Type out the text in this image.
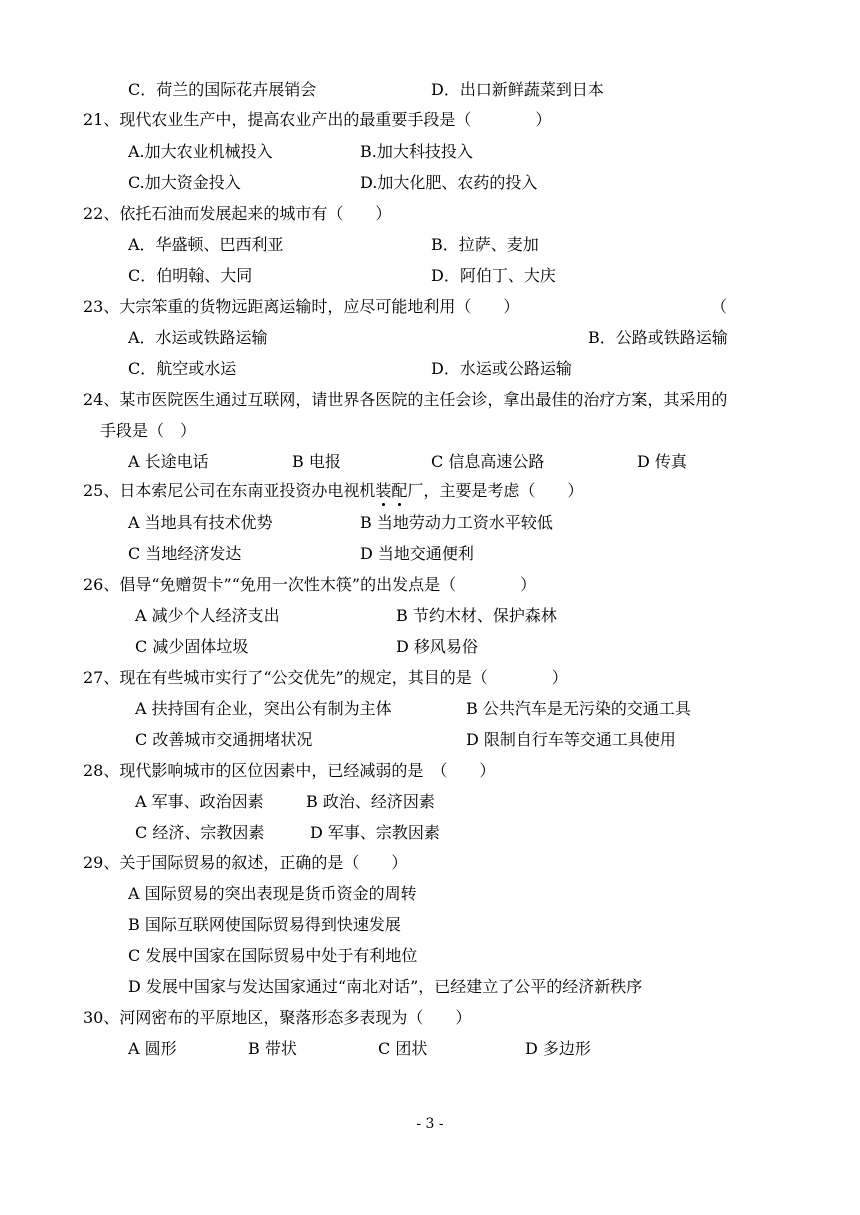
C．荷兰的国际花卉展销会	D．出口新鲜蔬菜到日本
21、现代农业生产中，提高农业产出的最重要手段是（　　　　）
A.加大农业机械投入	B.加大科技投入
C.加大资金投入	D.加大化肥、农药的投入
22、依托石油而发展起来的城市有（　　）
A．华盛顿、巴西利亚	B．拉萨、麦加
C．伯明翰、大同	D．阿伯丁、大庆
23、大宗笨重的货物远距离运输时，应尽可能地利用（　　）	（
A．水运或铁路运输	B．公路或铁路运输
C．航空或水运	D．水运或公路运输
24、某市医院医生通过互联网，请世界各医院的主任会诊，拿出最佳的治疗方案，其采用的
手段是（　）
A 长途电话	B 电报	C 信息高速公路	D 传真
25、日本索尼公司在东南亚投资办电视机装配厂，主要是考虑（　　）
A 当地具有技术优势	B 当地劳动力工资水平较低
C 当地经济发达	D 当地交通便利
26、倡导“免赠贺卡”“免用一次性木筷”的出发点是（　　　　）
A 减少个人经济支出	B 节约木材、保护森林
C 减少固体垃圾	D 移风易俗
27、现在有些城市实行了“公交优先”的规定，其目的是（　　　　）
A 扶持国有企业，突出公有制为主体	B 公共汽车是无污染的交通工具
C 改善城市交通拥堵状况	D 限制自行车等交通工具使用
28、现代影响城市的区位因素中，已经减弱的是　（　　）
A 军事、政治因素	B 政治、经济因素
C 经济、宗教因素	D 军事、宗教因素
29、关于国际贸易的叙述，正确的是（　　）
A 国际贸易的突出表现是货币资金的周转
B 国际互联网使国际贸易得到快速发展
C 发展中国家在国际贸易中处于有利地位
D 发展中国家与发达国家通过“南北对话”，已经建立了公平的经济新秩序
30、河网密布的平原地区，聚落形态多表现为（　　）
A 圆形	B 带状	C 团状	D 多边形
- 3 -
